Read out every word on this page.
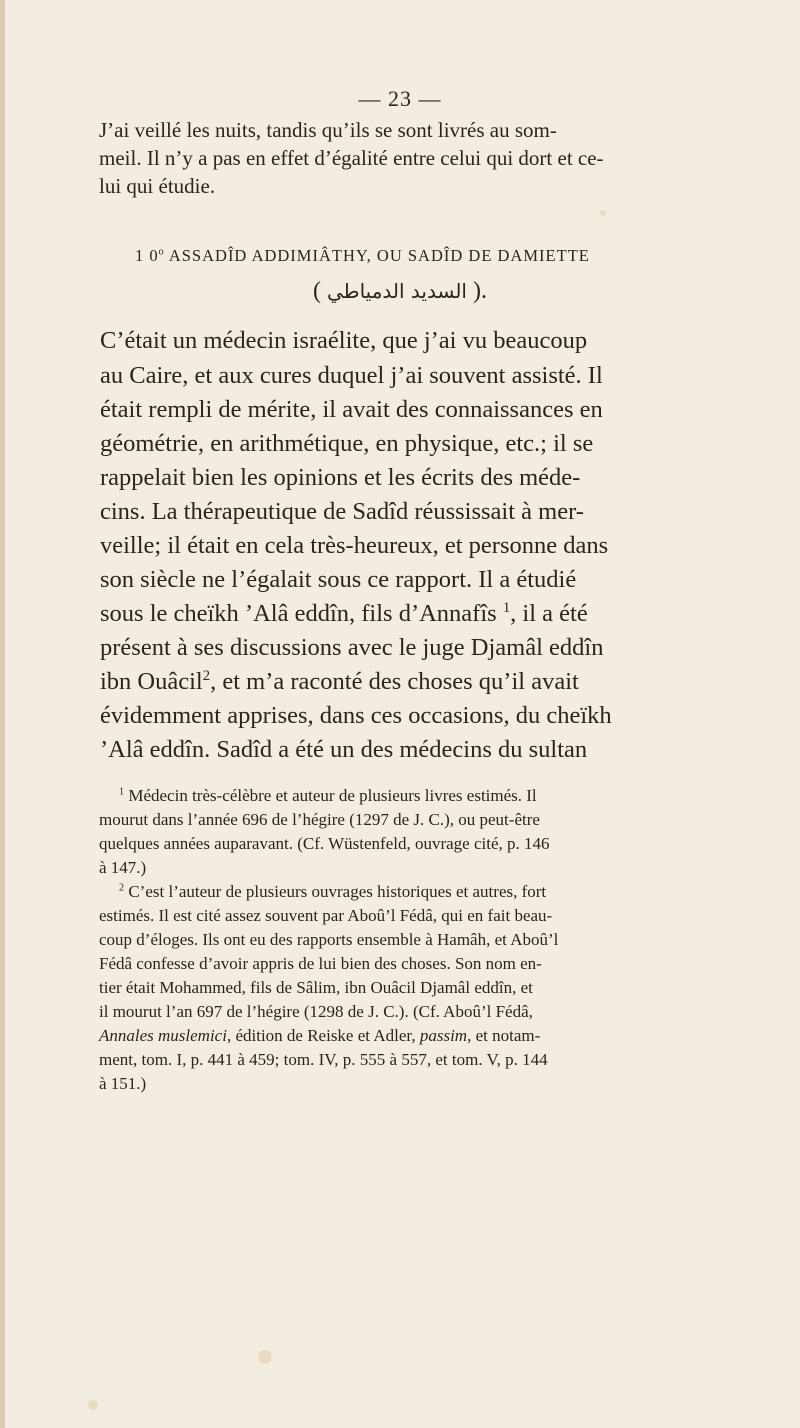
— 23 —
J’ai veillé les nuits, tandis qu’ils se sont livrés au som-
meil. Il n’y a pas en effet d’égalité entre celui qui dort et ce-
lui qui étudie.
1 0$^o$ ASSADÎD ADDIMIÂTHY, OU SADÎD DE DAMIETTE
( السديد الدمياطي ).
C’était un médecin israélite, que j’ai vu beaucoup
au Caire, et aux cures duquel j’ai souvent assisté. Il
était rempli de mérite, il avait des connaissances en
géométrie, en arithmétique, en physique, etc.; il se
rappelait bien les opinions et les écrits des méde-
cins. La thérapeutique de Sadîd réussissait à mer-
veille; il était en cela très-heureux, et personne dans
son siècle ne l’égalait sous ce rapport. Il a étudié
sous le cheïkh ’Alâ eddîn, fils d’Annafîs $^1$, il a été
présent à ses discussions avec le juge Djamâl eddîn
ibn Ouâcil$^2$, et m’a raconté des choses qu’il avait
évidemment apprises, dans ces occasions, du cheïkh
’Alâ eddîn. Sadîd a été un des médecins du sultan
$^1$ Médecin très-célèbre et auteur de plusieurs livres estimés. Il
mourut dans l’année 696 de l’hégire (1297 de J. C.), ou peut-être
quelques années auparavant. (Cf. Wüstenfeld, ouvrage cité, p. 146
à 147.)
$^2$ C’est l’auteur de plusieurs ouvrages historiques et autres, fort
estimés. Il est cité assez souvent par Aboû’l Fédâ, qui en fait beau-
coup d’éloges. Ils ont eu des rapports ensemble à Hamâh, et Aboû’l
Fédâ confesse d’avoir appris de lui bien des choses. Son nom en-
tier était Mohammed, fils de Sâlim, ibn Ouâcil Djamâl eddîn, et
il mourut l’an 697 de l’hégire (1298 de J. C.). (Cf. Aboû’l Fédâ,
Annales muslemici, édition de Reiske et Adler, passim, et notam-
ment, tom. I, p. 441 à 459; tom. IV, p. 555 à 557, et tom. V, p. 144
à 151.)
